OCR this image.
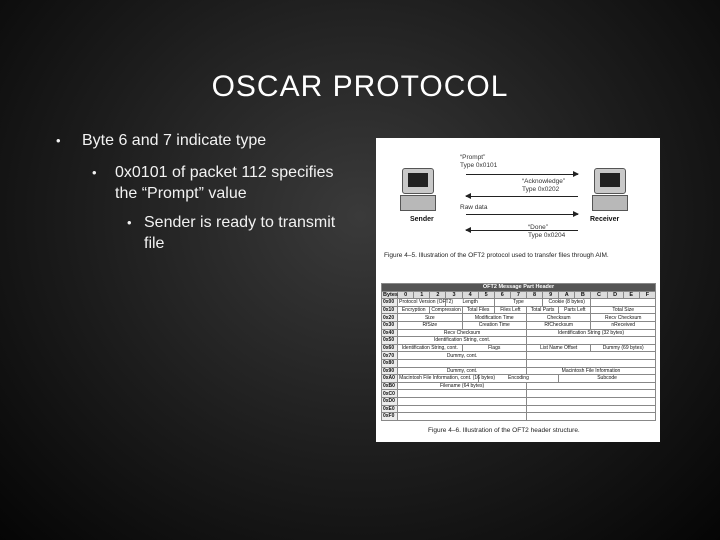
OSCAR PROTOCOL
• Byte 6 and 7 indicate type
• 0x0101 of packet 112 specifies the “Prompt” value
• Sender is ready to transmit file
Sender	Receiver
“Prompt”
Type 0x0101
“Acknowledge”
Type 0x0202
Raw data
“Done”
Type 0x0204
Figure 4–5. Illustration of the OFT2 protocol used to transfer files through AIM.
OFT2 Message Part Header																
Bytes	0	1	2	3	4	5	6	7	8	9	A	B	C	D	E	F
0x00	Protocol Version (OFT2)			Length			Type			Cookie (8 bytes)						
0x10	Encryption		Compression		Total Files		Files Left		Total Parts		Parts Left		Total Size			
0x20	Size				Modification Time				Checksum				Recv Checksum			
0x30	RfSize				Creation Time				RfChecksum				nReceived			
0x40	Recv Checksum								Identification String (32 bytes)							
0x50	Identification String, cont.															
0x60	Identification String, cont.				Flags				List Name Offset				Dummy (69 bytes)			
0x70	Dummy, cont.															
0x80																
0x90	Dummy, cont.								Macintosh File Information							
0xA0	Macintosh File Information, cont. (16 bytes)					Encoding					Subcode					
0xB0	Filename (64 bytes)															
0xC0																
0xD0																
0xE0																
0xF0																
Figure 4–6. Illustration of the OFT2 header structure.
